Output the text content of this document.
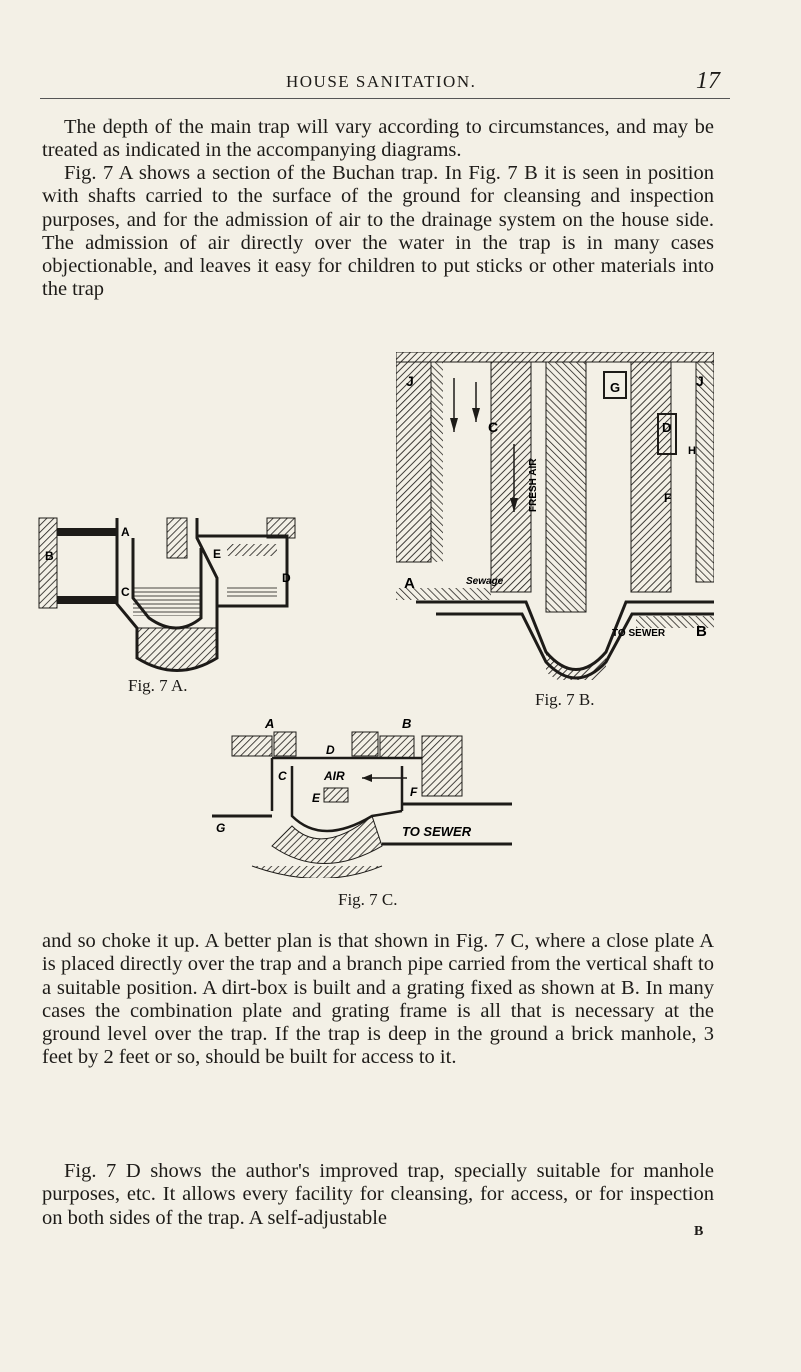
HOUSE SANITATION.	17

The depth of the main trap will vary according to circumstances, and may be treated as indicated in the accompanying diagrams.

Fig. 7 A shows a section of the Buchan trap. In Fig. 7 B it is seen in position with shafts carried to the surface of the ground for cleansing and inspection purposes, and for the admission of air to the drainage system on the house side. The admission of air directly over the water in the trap is in many cases objectionable, and leaves it easy for children to put sticks or other materials into the trap

A
B
C
D
E
Fig. 7 A.
J
C
FRESH AIR
G	J
D
H
F
A	Sewage
TO SEWER B
Fig. 7 B.
A	B
D
C	AIR
E	F
G	TO SEWER
Fig. 7 C.

and so choke it up. A better plan is that shown in Fig. 7 C, where a close plate A is placed directly over the trap and a branch pipe carried from the vertical shaft to a suitable position. A dirt-box is built and a grating fixed as shown at B. In many cases the combination plate and grating frame is all that is necessary at the ground level over the trap. If the trap is deep in the ground a brick manhole, 3 feet by 2 feet or so, should be built for access to it.

Fig. 7 D shows the author's improved trap, specially suitable for manhole purposes, etc. It allows every facility for cleansing, for access, or for inspection on both sides of the trap. A self-adjustable

B
